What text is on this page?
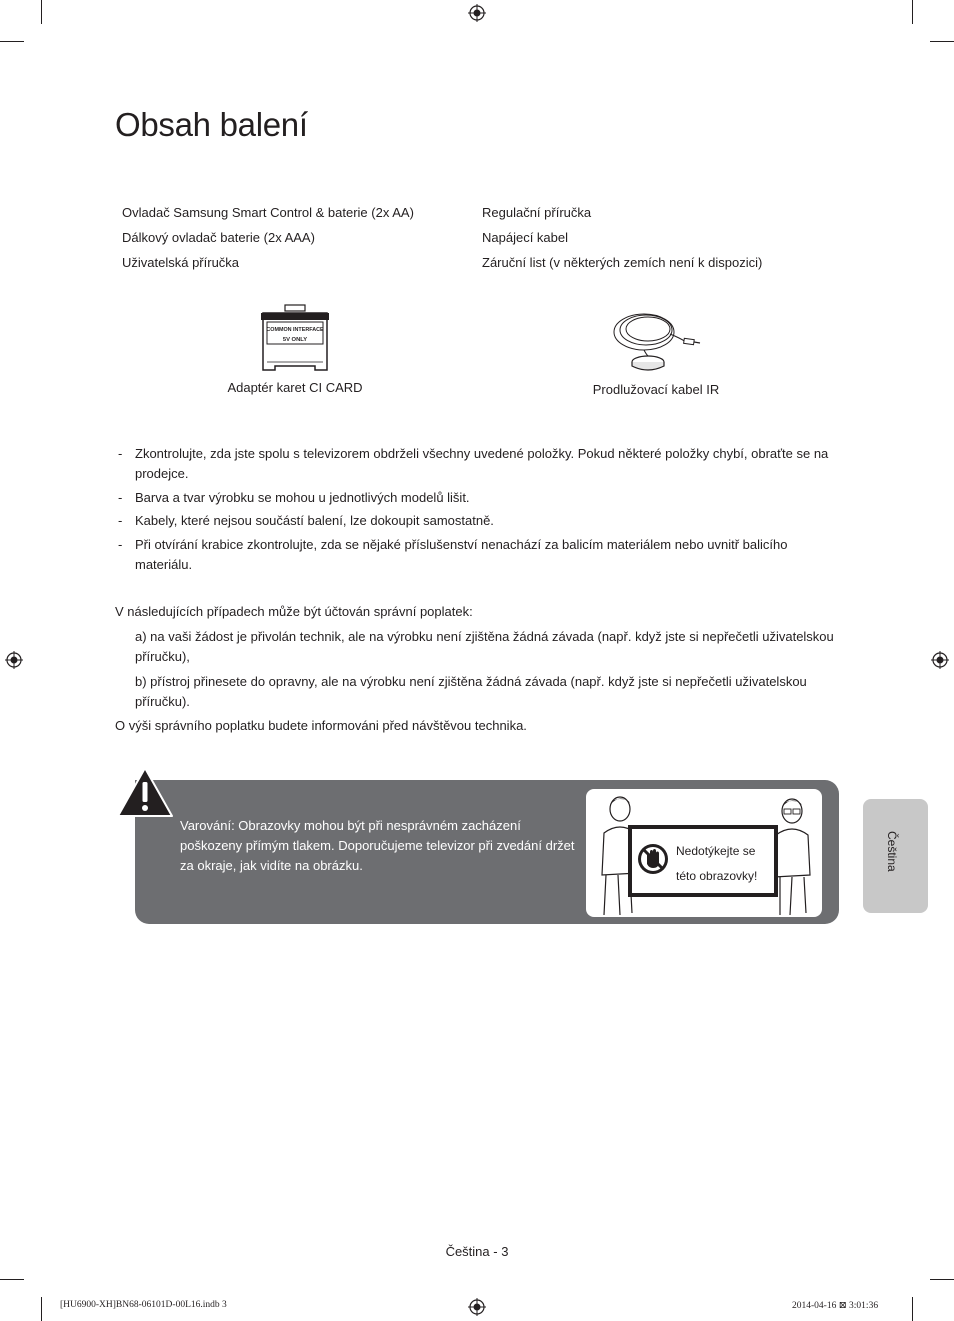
Obsah balení
Ovladač Samsung Smart Control & baterie (2x AA)
Dálkový ovladač baterie (2x AAA)
Uživatelská příručka
Regulační příručka
Napájecí kabel
Záruční list (v některých zemích není k dispozici)
COMMON INTERFACE
5V ONLY
Adaptér karet CI CARD	Prodlužovací kabel IR
- Zkontrolujte, zda jste spolu s televizorem obdrželi všechny uvedené položky. Pokud některé položky chybí, obraťte se na prodejce.
- Barva a tvar výrobku se mohou u jednotlivých modelů lišit.
- Kabely, které nejsou součástí balení, lze dokoupit samostatně.
- Při otvírání krabice zkontrolujte, zda se nějaké příslušenství nenachází za balicím materiálem nebo uvnitř balicího materiálu.

V následujících případech může být účtován správní poplatek:

a) na vaši žádost je přivolán technik, ale na výrobku není zjištěna žádná závada (např. když jste si nepřečetli uživatelskou příručku),

b) přístroj přinesete do opravny, ale na výrobku není zjištěna žádná závada (např. když jste si nepřečetli uživatelskou příručku).

O výši správního poplatku budete informováni před návštěvou technika.

Varování: Obrazovky mohou být při nesprávném zacházení poškozeny přímým tlakem. Doporučujeme televizor při zvedání držet za okraje, jak vidíte na obrázku.
Nedotýkejte se
této obrazovky!
Čeština
Čeština - 3
[HU6900-XH]BN68-06101D-00L16.indb 3	2014-04-16 ⊠ 3:01:36
